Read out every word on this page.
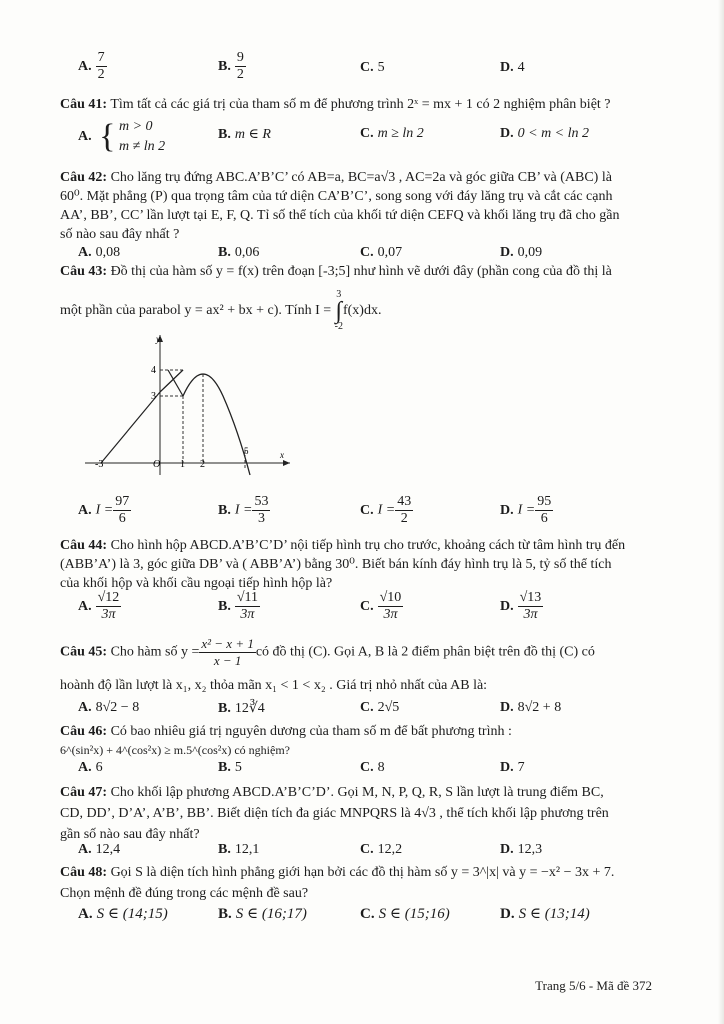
A. $\frac{7}{2}$	B. $\frac{9}{2}$	C. 5	D. 4
Câu 41: Tìm tất cả các giá trị của tham số m để phương trình 2ˣ = mx + 1 có 2 nghiệm phân biệt ?
A. { m > 0
m ≠ ln 2
B. m ∈ R	C. m ≥ ln 2	D. 0 < m < ln 2
Câu 42: Cho lăng trụ đứng ABC.A’B’C’ có AB=a, BC=a√3 , AC=2a và góc giữa CB’ và (ABC) là
60⁰. Mặt phẳng (P) qua trọng tâm của tứ diện CA’B’C’, song song với đáy lăng trụ và cắt các cạnh
AA’, BB’, CC’ lần lượt tại E, F, Q. Tỉ số thể tích của khối tứ diện CEFQ và khối lăng trụ đã cho gần
số nào sau đây nhất ?
A. 0,08	B. 0,06	C. 0,07	D. 0,09
Câu 43: Đồ thị của hàm số y = f(x) trên đoạn [-3;5] như hình vẽ dưới đây (phần cong của đồ thị là
một phần của parabol y = ax² + bx + c). Tính I =
3
∫
-2
f(x)dx.
y
x
O
-3	1 2
5
4
3
A. $I = \frac{97}{6}$	B. $I = \frac{53}{3}$	C. $I = \frac{43}{2}$	D. $I = \frac{95}{6}$
Câu 44: Cho hình hộp ABCD.A’B’C’D’ nội tiếp hình trụ cho trước, khoảng cách từ tâm hình trụ đến
(ABB’A’) là 3, góc giữa DB’ và ( ABB’A’) bằng 30⁰. Biết bán kính đáy hình trụ là 5, tỷ số thể tích
của khối hộp và khối cầu ngoại tiếp hình hộp là?
A. $\frac{√12}{3\pi}$	B. $\frac{√11}{3\pi}$	C. $\frac{√10}{3\pi}$	D. $\frac{√13}{3\pi}$
Câu 45: Cho hàm số $y = \frac{\text{x² − x + 1}}{x - 1}$ có đồ thị (C). Gọi A, B là 2 điểm phân biệt trên đồ thị (C) có
hoành độ lần lượt là x₁, x₂ thỏa mãn x₁ < 1 < x₂ . Giá trị nhỏ nhất của AB là:
A. 8√2 − 8	B. 12∛4	C. 2√5	D. 8√2 + 8
Câu 46: Có bao nhiêu giá trị nguyên dương của tham số m để bất phương trình :
6^(sin²x) + 4^(cos²x) ≥ m.5^(cos²x) có nghiệm?
A. 6	B. 5	C. 8	D. 7
Câu 47: Cho khối lập phương ABCD.A’B’C’D’. Gọi M, N, P, Q, R, S lần lượt là trung điểm BC,
CD, DD’, D’A’, A’B’, BB’. Biết diện tích đa giác MNPQRS là 4√3 , thể tích khối lập phương trên
gần số nào sau đây nhất?
A. 12,4	B. 12,1	C. 12,2	D. 12,3
Câu 48: Gọi S là diện tích hình phẳng giới hạn bởi các đồ thị hàm số y = 3^|x| và y = −x² − 3x + 7.
Chọn mệnh đề đúng trong các mệnh đề sau?
A. S ∈ (14;15)	B. S ∈ (16;17)	C. S ∈ (15;16)	D. S ∈ (13;14)
Trang 5/6 - Mã đề 372
